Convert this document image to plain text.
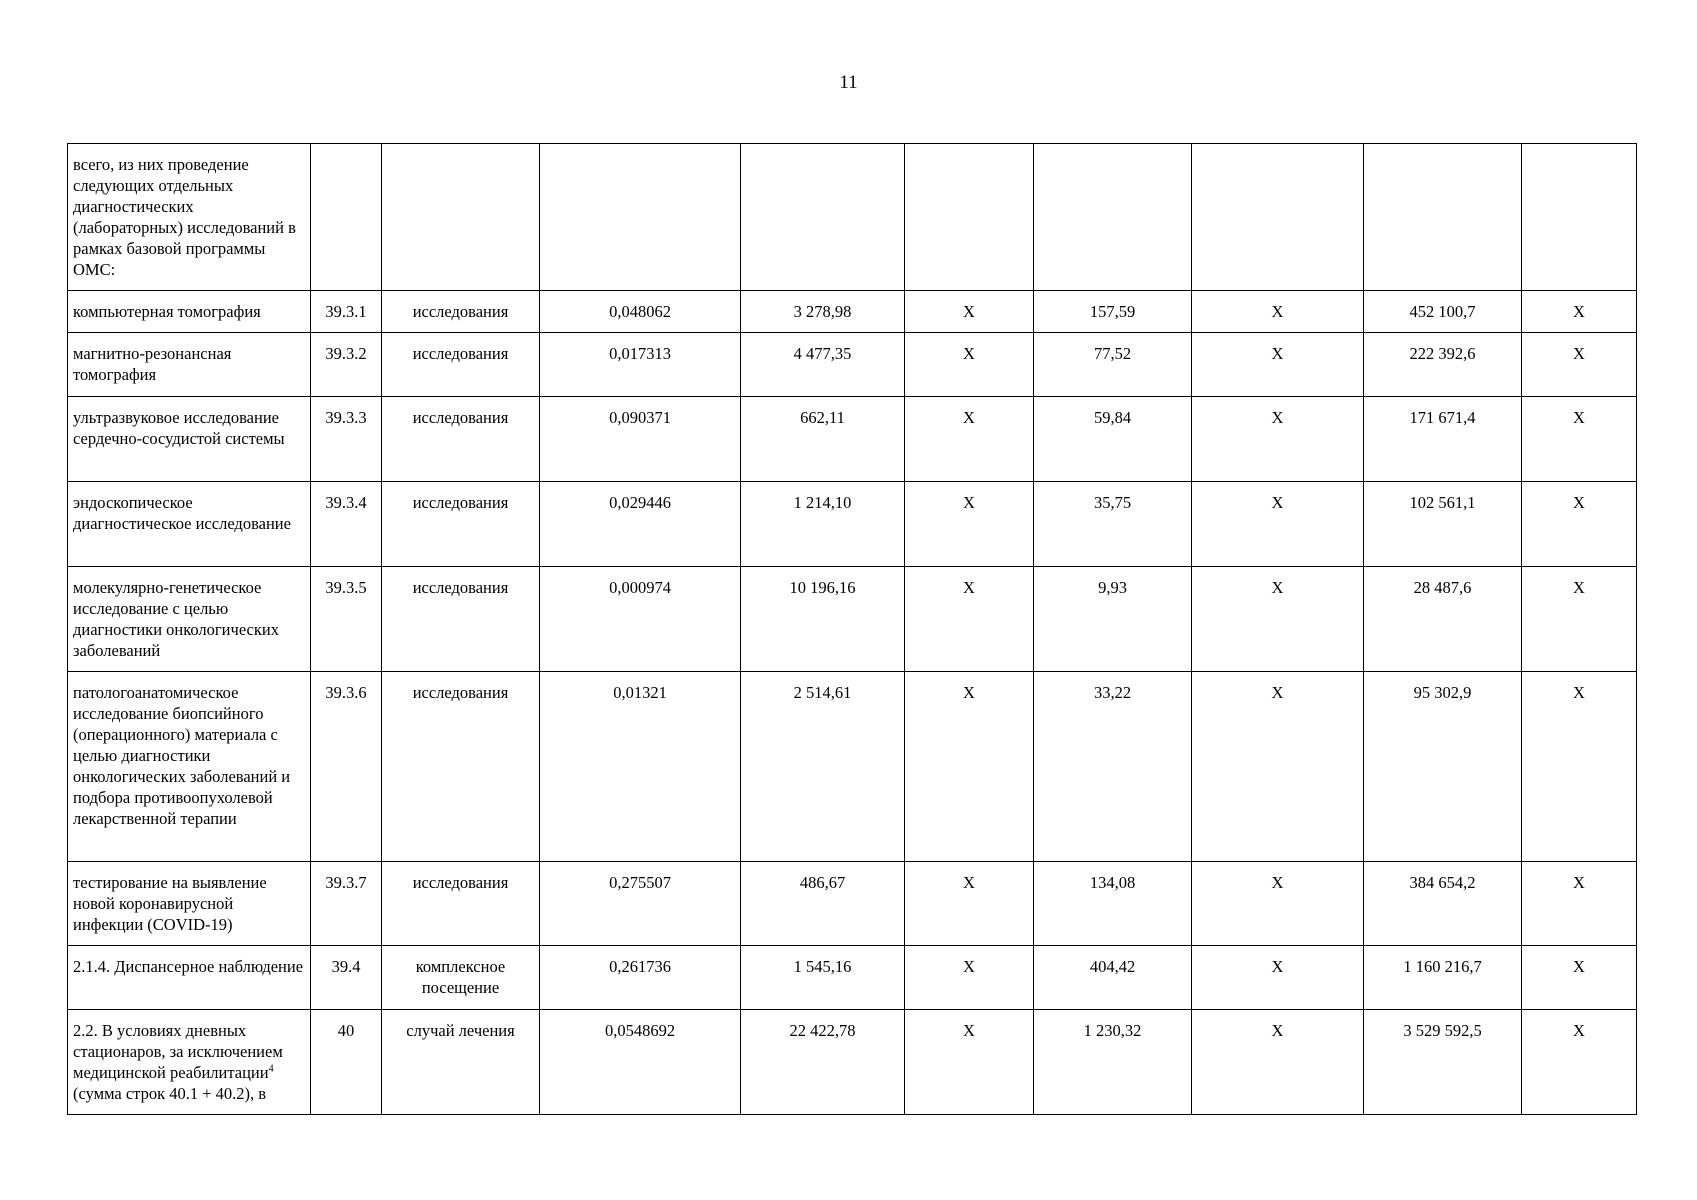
11
всего, из них проведение следующих отдельных диагностических (лабораторных) исследований в рамках базовой программы ОМС:									
компьютерная томография	39.3.1	исследования	0,048062	3 278,98	X	157,59	X	452 100,7	X
магнитно-резонансная томография	39.3.2	исследования	0,017313	4 477,35	X	77,52	X	222 392,6	X
ультразвуковое исследование сердечно-сосудистой системы	39.3.3	исследования	0,090371	662,11	X	59,84	X	171 671,4	X
эндоскопическое диагностическое исследование	39.3.4	исследования	0,029446	1 214,10	X	35,75	X	102 561,1	X
молекулярно-генетическое исследование с целью диагностики онкологических заболеваний	39.3.5	исследования	0,000974	10 196,16	X	9,93	X	28 487,6	X
патологоанатомическое исследование биопсийного (операционного) материала с целью диагностики онкологических заболеваний и подбора противоопухолевой лекарственной терапии	39.3.6	исследования	0,01321	2 514,61	X	33,22	X	95 302,9	X
тестирование на выявление новой коронавирусной инфекции (COVID-19)	39.3.7	исследования	0,275507	486,67	X	134,08	X	384 654,2	X
2.1.4. Диспансерное наблюдение	39.4	комплексное посещение	0,261736	1 545,16	X	404,42	X	1 160 216,7	X
2.2. В условиях дневных стационаров, за исключением медицинской реабилитации$^4$ (сумма строк 40.1 + 40.2), в	40	случай лечения	0,0548692	22 422,78	X	1 230,32	X	3 529 592,5	X
